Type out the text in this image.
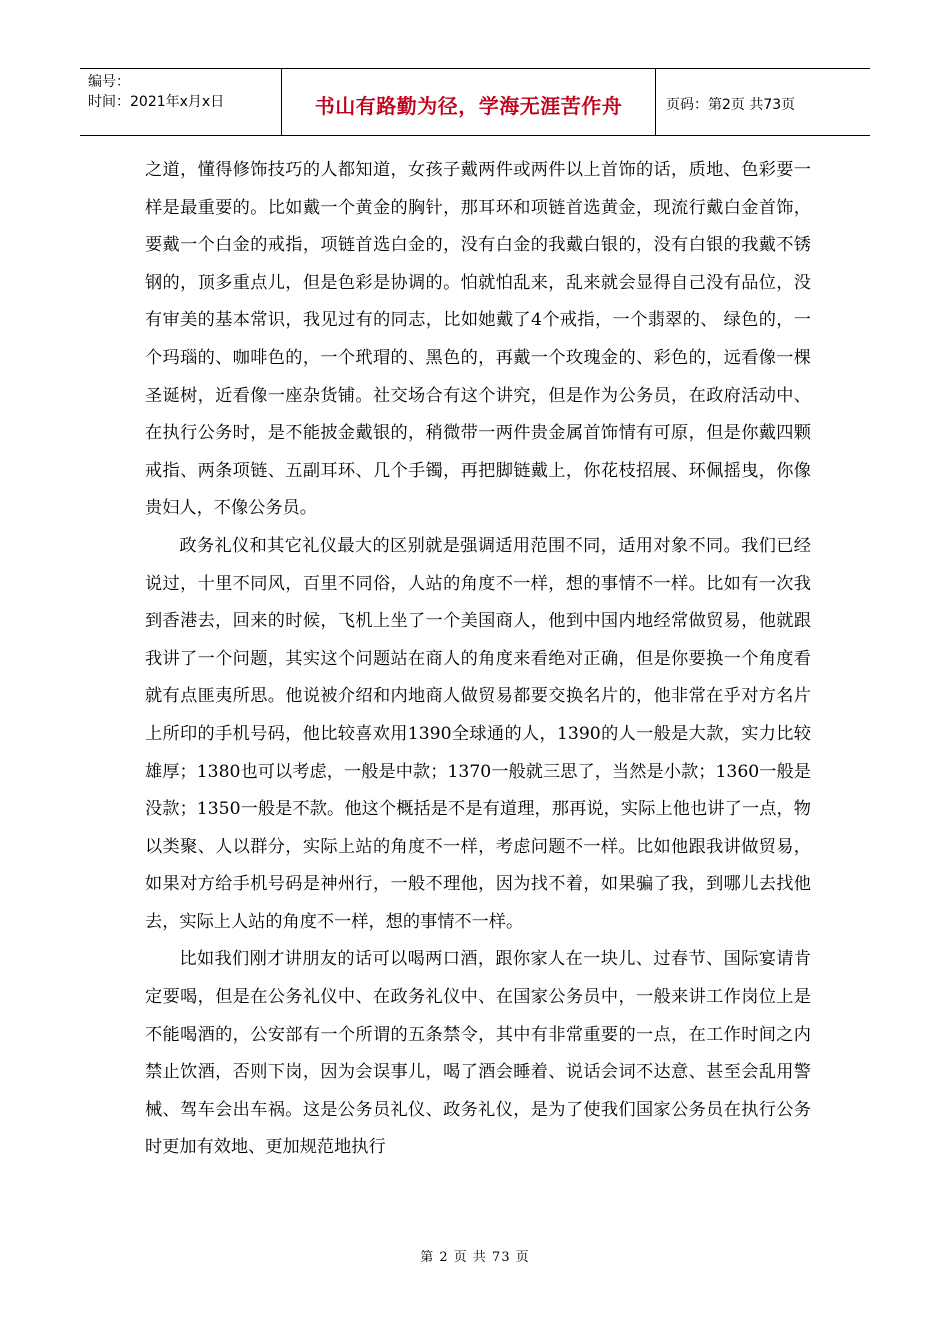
编号：
时间：2021年x月x日	书山有路勤为径，学海无涯苦作舟	页码：第2页 共73页

之道，懂得修饰技巧的人都知道，女孩子戴两件或两件以上首饰的话，质地、色彩要一样是最重要的。比如戴一个黄金的胸针，那耳环和项链首选黄金，现流行戴白金首饰，要戴一个白金的戒指，项链首选白金的，没有白金的我戴白银的，没有白银的我戴不锈钢的，顶多重点儿，但是色彩是协调的。怕就怕乱来，乱来就会显得自己没有品位，没有审美的基本常识，我见过有的同志，比如她戴了4个戒指，一个翡翠的、 绿色的，一个玛瑙的、咖啡色的，一个玳瑁的、黑色的，再戴一个玫瑰金的、彩色的，远看像一棵圣诞树，近看像一座杂货铺。社交场合有这个讲究，但是作为公务员，在政府活动中、在执行公务时，是不能披金戴银的，稍微带一两件贵金属首饰情有可原，但是你戴四颗戒指、两条项链、五副耳环、几个手镯，再把脚链戴上，你花枝招展、环佩摇曳，你像贵妇人，不像公务员。

政务礼仪和其它礼仪最大的区别就是强调适用范围不同，适用对象不同。我们已经说过，十里不同风，百里不同俗，人站的角度不一样，想的事情不一样。比如有一次我到香港去，回来的时候，飞机上坐了一个美国商人，他到中国内地经常做贸易，他就跟我讲了一个问题，其实这个问题站在商人的角度来看绝对正确，但是你要换一个角度看就有点匪夷所思。他说被介绍和内地商人做贸易都要交换名片的，他非常在乎对方名片上所印的手机号码，他比较喜欢用1390全球通的人，1390的人一般是大款，实力比较雄厚；1380也可以考虑，一般是中款；1370一般就三思了，当然是小款；1360一般是没款；1350一般是不款。他这个概括是不是有道理，那再说，实际上他也讲了一点，物以类聚、人以群分，实际上站的角度不一样，考虑问题不一样。比如他跟我讲做贸易，如果对方给手机号码是神州行，一般不理他，因为找不着，如果骗了我，到哪儿去找他去，实际上人站的角度不一样，想的事情不一样。

比如我们刚才讲朋友的话可以喝两口酒，跟你家人在一块儿、过春节、国际宴请肯定要喝，但是在公务礼仪中、在政务礼仪中、在国家公务员中，一般来讲工作岗位上是不能喝酒的，公安部有一个所谓的五条禁令，其中有非常重要的一点，在工作时间之内禁止饮酒，否则下岗，因为会误事儿，喝了酒会睡着、说话会词不达意、甚至会乱用警械、驾车会出车祸。这是公务员礼仪、政务礼仪，是为了使我们国家公务员在执行公务时更加有效地、更加规范地执行

第 2 页 共 73 页
